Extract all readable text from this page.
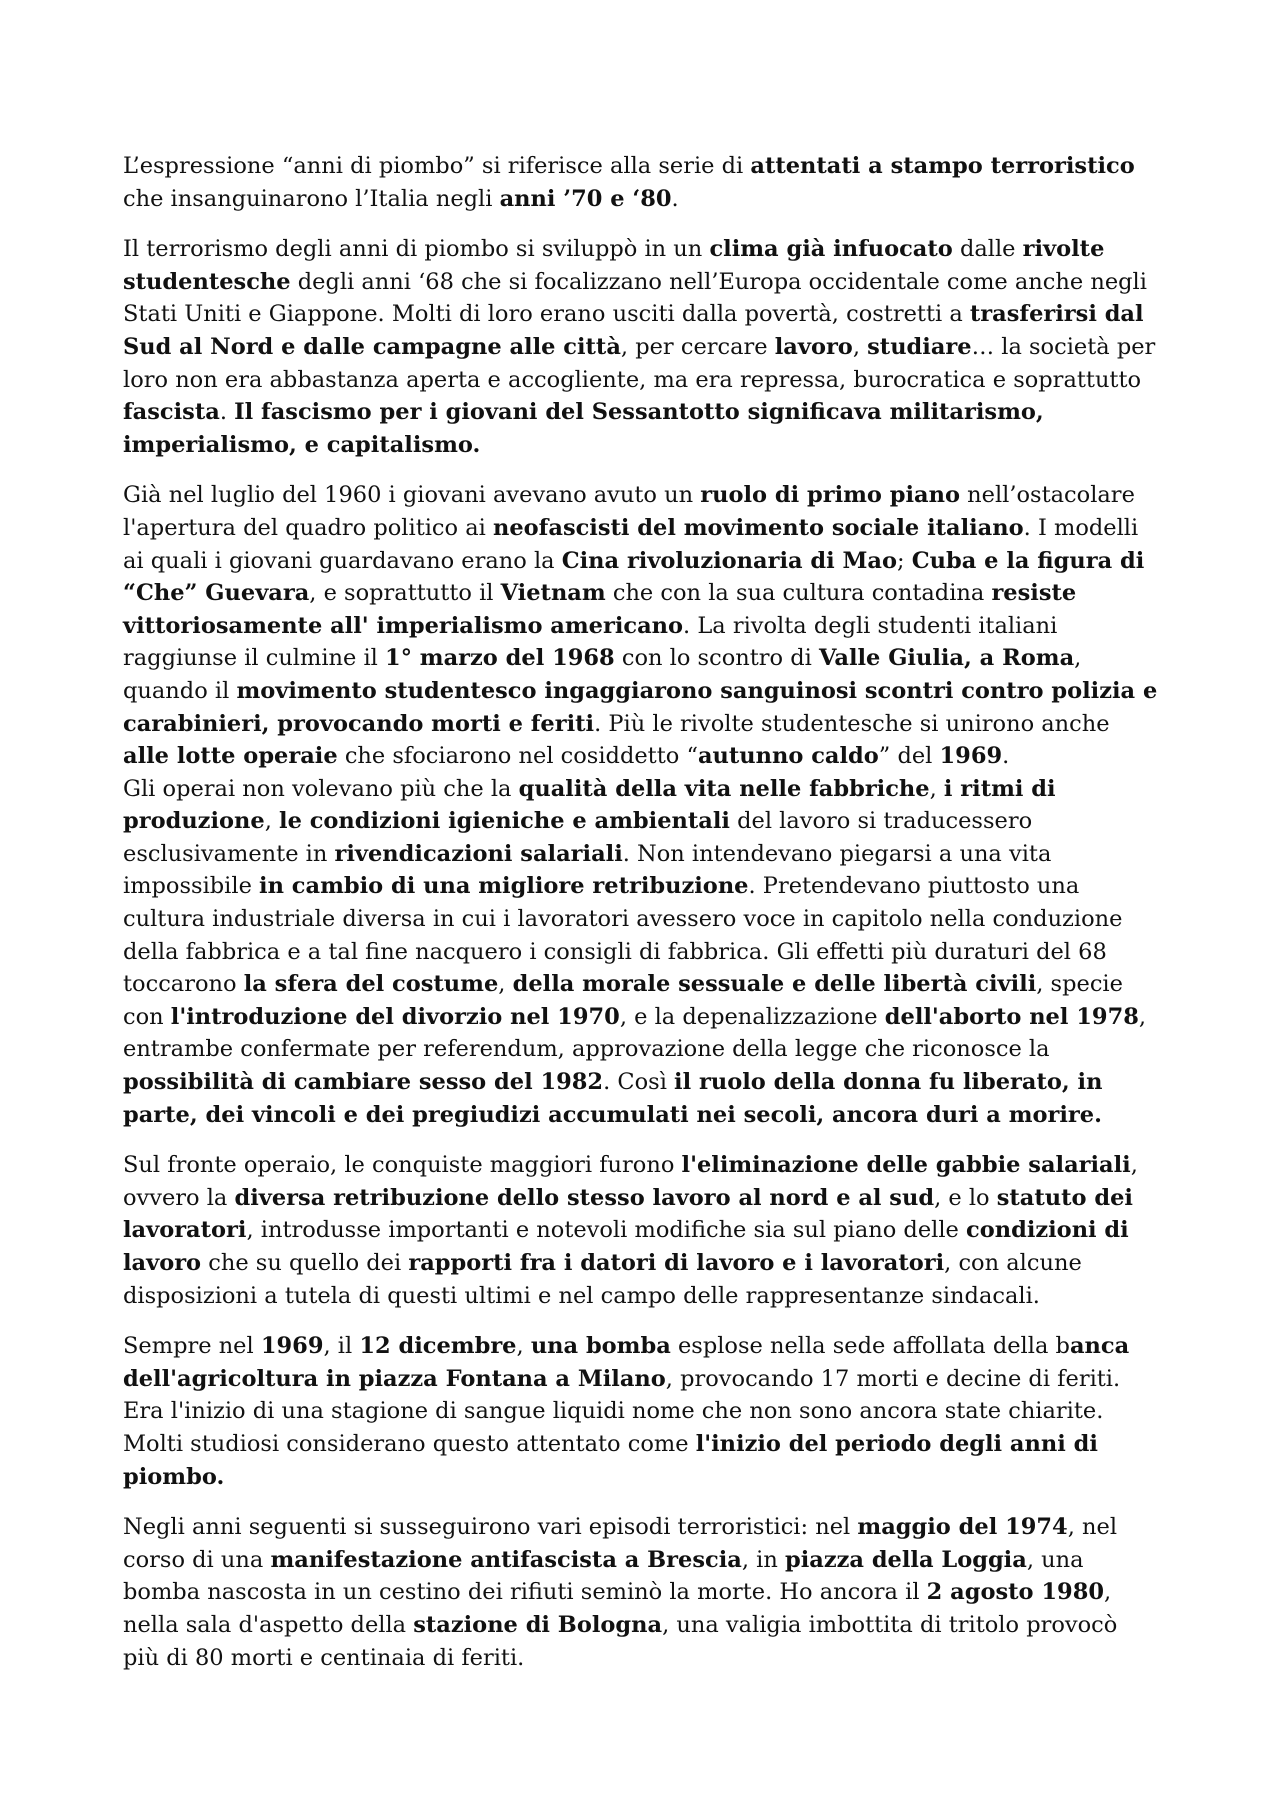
L’espressione “anni di piombo” si riferisce alla serie di attentati a stampo terroristico che insanguinarono l’Italia negli anni ’70 e ‘80.

Il terrorismo degli anni di piombo si sviluppò in un clima già infuocato dalle rivolte studentesche degli anni ‘68 che si focalizzano nell’Europa occidentale come anche negli Stati Uniti e Giappone. Molti di loro erano usciti dalla povertà, costretti a trasferirsi dal Sud al Nord e dalle campagne alle città, per cercare lavoro, studiare… la società per loro non era abbastanza aperta e accogliente, ma era repressa, burocratica e soprattutto fascista. Il fascismo per i giovani del Sessantotto significava militarismo, imperialismo, e capitalismo.

Già nel luglio del 1960 i giovani avevano avuto un ruolo di primo piano nell’ostacolare l'apertura del quadro politico ai neofascisti del movimento sociale italiano. I modelli ai quali i giovani guardavano erano la Cina rivoluzionaria di Mao; Cuba e la figura di “Che” Guevara, e soprattutto il Vietnam che con la sua cultura contadina resiste vittoriosamente all' imperialismo americano. La rivolta degli studenti italiani raggiunse il culmine il 1° marzo del 1968 con lo scontro di Valle Giulia, a Roma, quando il movimento studentesco ingaggiarono sanguinosi scontri contro polizia e carabinieri, provocando morti e feriti. Più le rivolte studentesche si unirono anche alle lotte operaie che sfociarono nel cosiddetto “autunno caldo” del 1969.

Gli operai non volevano più che la qualità della vita nelle fabbriche, i ritmi di produzione, le condizioni igieniche e ambientali del lavoro si traducessero esclusivamente in rivendicazioni salariali. Non intendevano piegarsi a una vita impossibile in cambio di una migliore retribuzione. Pretendevano piuttosto una cultura industriale diversa in cui i lavoratori avessero voce in capitolo nella conduzione della fabbrica e a tal fine nacquero i consigli di fabbrica. Gli effetti più duraturi del 68 toccarono la sfera del costume, della morale sessuale e delle libertà civili, specie con l'introduzione del divorzio nel 1970, e la depenalizzazione dell'aborto nel 1978, entrambe confermate per referendum, approvazione della legge che riconosce la possibilità di cambiare sesso del 1982. Così il ruolo della donna fu liberato, in parte, dei vincoli e dei pregiudizi accumulati nei secoli, ancora duri a morire.

Sul fronte operaio, le conquiste maggiori furono l'eliminazione delle gabbie salariali, ovvero la diversa retribuzione dello stesso lavoro al nord e al sud, e lo statuto dei lavoratori, introdusse importanti e notevoli modifiche sia sul piano delle condizioni di lavoro che su quello dei rapporti fra i datori di lavoro e i lavoratori, con alcune disposizioni a tutela di questi ultimi e nel campo delle rappresentanze sindacali.

Sempre nel 1969, il 12 dicembre, una bomba esplose nella sede affollata della banca dell'agricoltura in piazza Fontana a Milano, provocando 17 morti e decine di feriti. Era l'inizio di una stagione di sangue liquidi nome che non sono ancora state chiarite. Molti studiosi considerano questo attentato come l'inizio del periodo degli anni di piombo.

Negli anni seguenti si susseguirono vari episodi terroristici: nel maggio del 1974, nel corso di una manifestazione antifascista a Brescia, in piazza della Loggia, una bomba nascosta in un cestino dei rifiuti seminò la morte. Ho ancora il 2 agosto 1980, nella sala d'aspetto della stazione di Bologna, una valigia imbottita di tritolo provocò più di 80 morti e centinaia di feriti.
